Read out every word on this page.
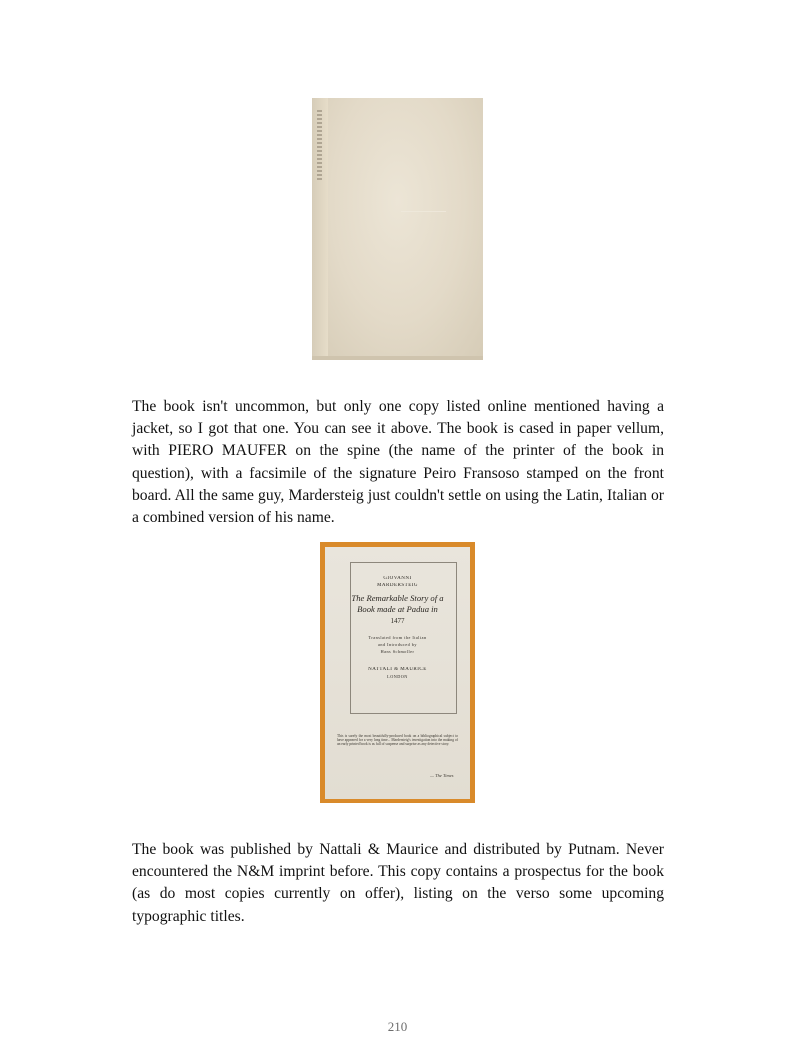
The book isn't uncommon, but only one copy listed online mentioned having a jacket, so I got that one. You can see it above. The book is cased in paper vellum, with PIERO MAUFER on the spine (the name of the printer of the book in question), with a facsimile of the signature Peiro Fransoso stamped on the front board. All the same guy, Mardersteig just couldn't settle on using the Latin, Italian or a combined version of his name.

GIOVANNI
MARDERSTEIG
The Remarkable Story of a
Book made at Padua in
1477
Translated from the Italian
and Introduced by
Hans Schmoller
NATTALI & MAURICE
LONDON
This is surely the most beautifully-produced book on a bibliographical subject to have appeared for a very long time... Mardersteig's investigation into the making of an early printed book is as full of suspense and surprise as any detective story.
— The Times

The book was published by Nattali & Maurice and distributed by Putnam. Never encountered the N&M imprint before. This copy contains a prospectus for the book (as do most copies currently on offer), listing on the verso some upcoming typographic titles.

210
